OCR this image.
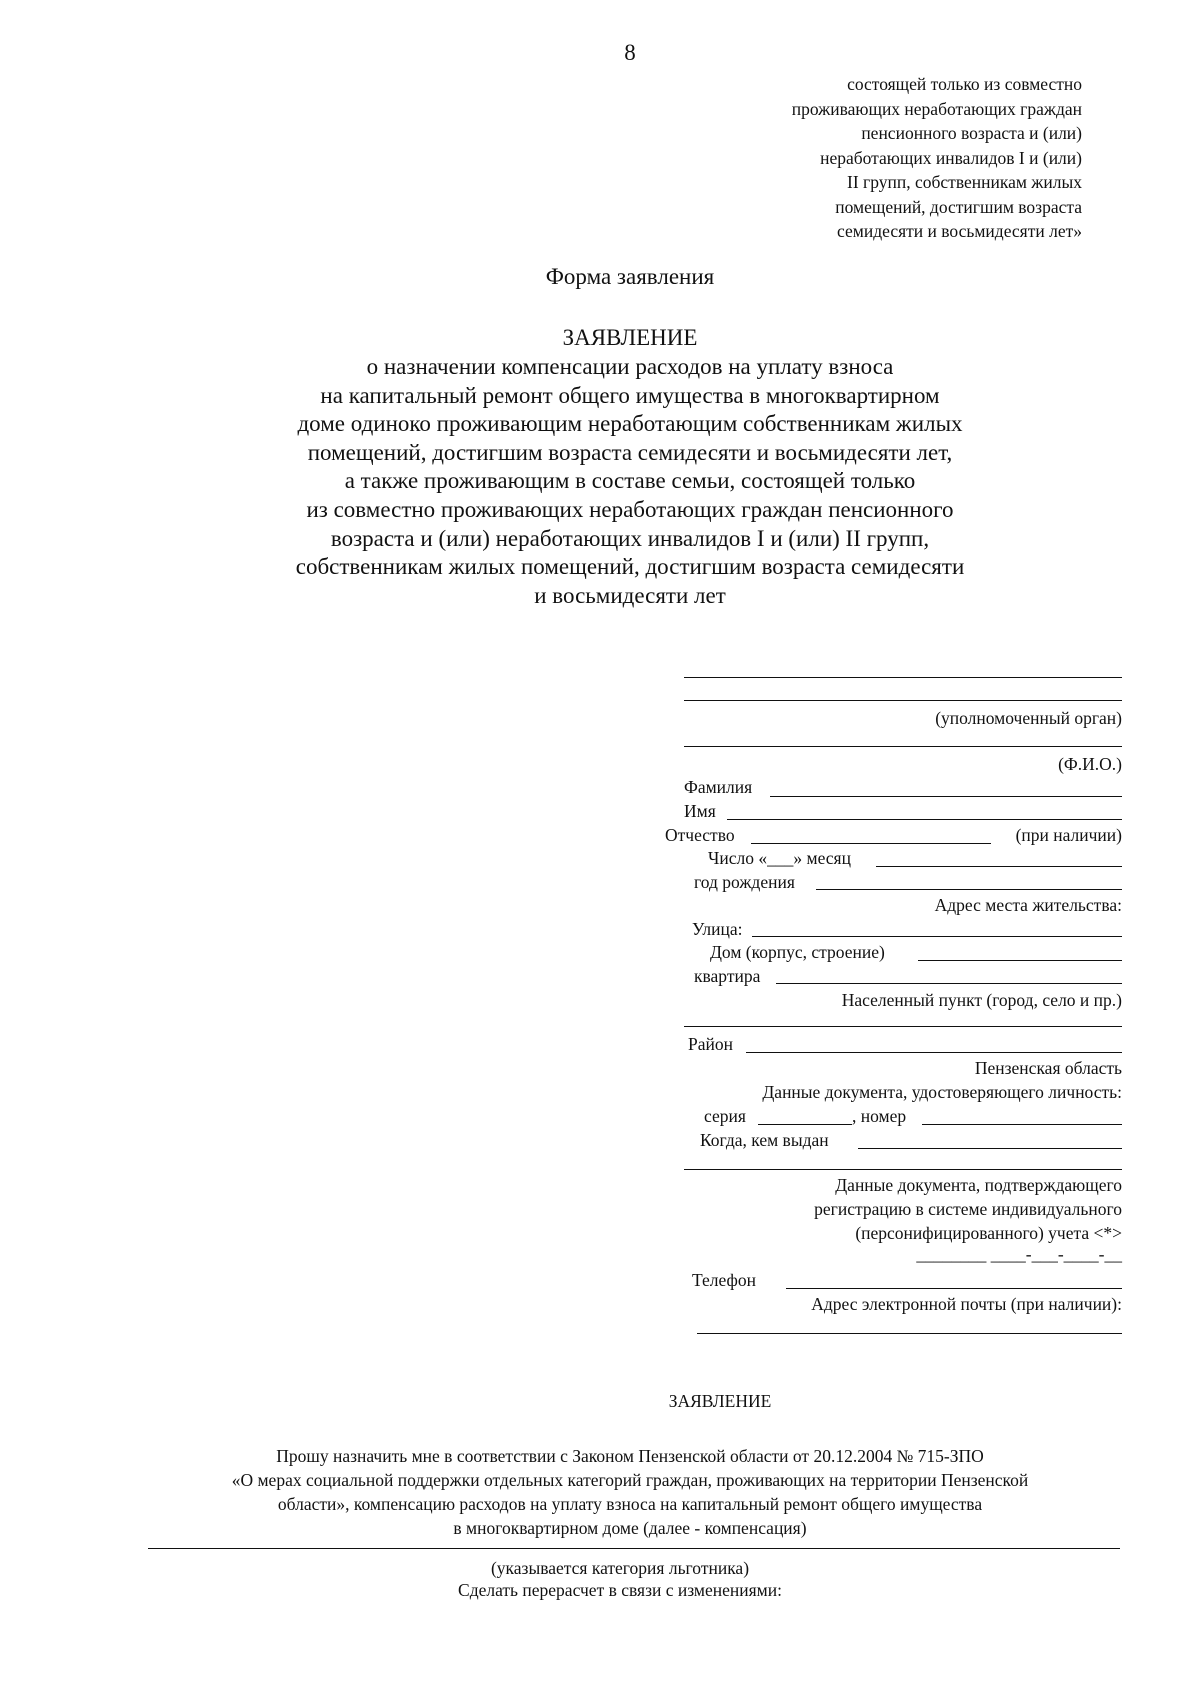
8
состоящей только из совместно
проживающих неработающих граждан
пенсионного возраста и (или)
неработающих инвалидов I и (или)
II групп, собственникам жилых
помещений, достигшим возраста
семидесяти и восьмидесяти лет»
Форма заявления
ЗАЯВЛЕНИЕ
о назначении компенсации расходов на уплату взноса
на капитальный ремонт общего имущества в многоквартирном
доме одиноко проживающим неработающим собственникам жилых
помещений, достигшим возраста семидесяти и восьмидесяти лет,
а также проживающим в составе семьи, состоящей только
из совместно проживающих неработающих граждан пенсионного
возраста и (или) неработающих инвалидов I и (или) II групп,
собственникам жилых помещений, достигшим возраста семидесяти
и восьмидесяти лет
(уполномоченный орган)
(Ф.И.О.)
Фамилия
Имя
Отчество	(при наличии)
Число «___» месяц
год рождения
Адрес места жительства:
Улица:
Дом (корпус, строение)
квартира
Населенный пункт (город, село и пр.)
Район
Пензенская область
Данные документа, удостоверяющего личность:
серия	, номер
Когда, кем выдан
Данные документа, подтверждающего
регистрацию в системе индивидуального
(персонифицированного) учета <*>
________ ____-___-____-__
Телефон
Адрес электронной почты (при наличии):
ЗАЯВЛЕНИЕ
Прошу назначить мне в соответствии с Законом Пензенской области от 20.12.2004 № 715-ЗПО
«О мерах социальной поддержки отдельных категорий граждан, проживающих на территории Пензенской
области», компенсацию расходов на уплату взноса на капитальный ремонт общего имущества
в многоквартирном доме (далее - компенсация)
(указывается категория льготника)
Сделать перерасчет в связи с изменениями:
